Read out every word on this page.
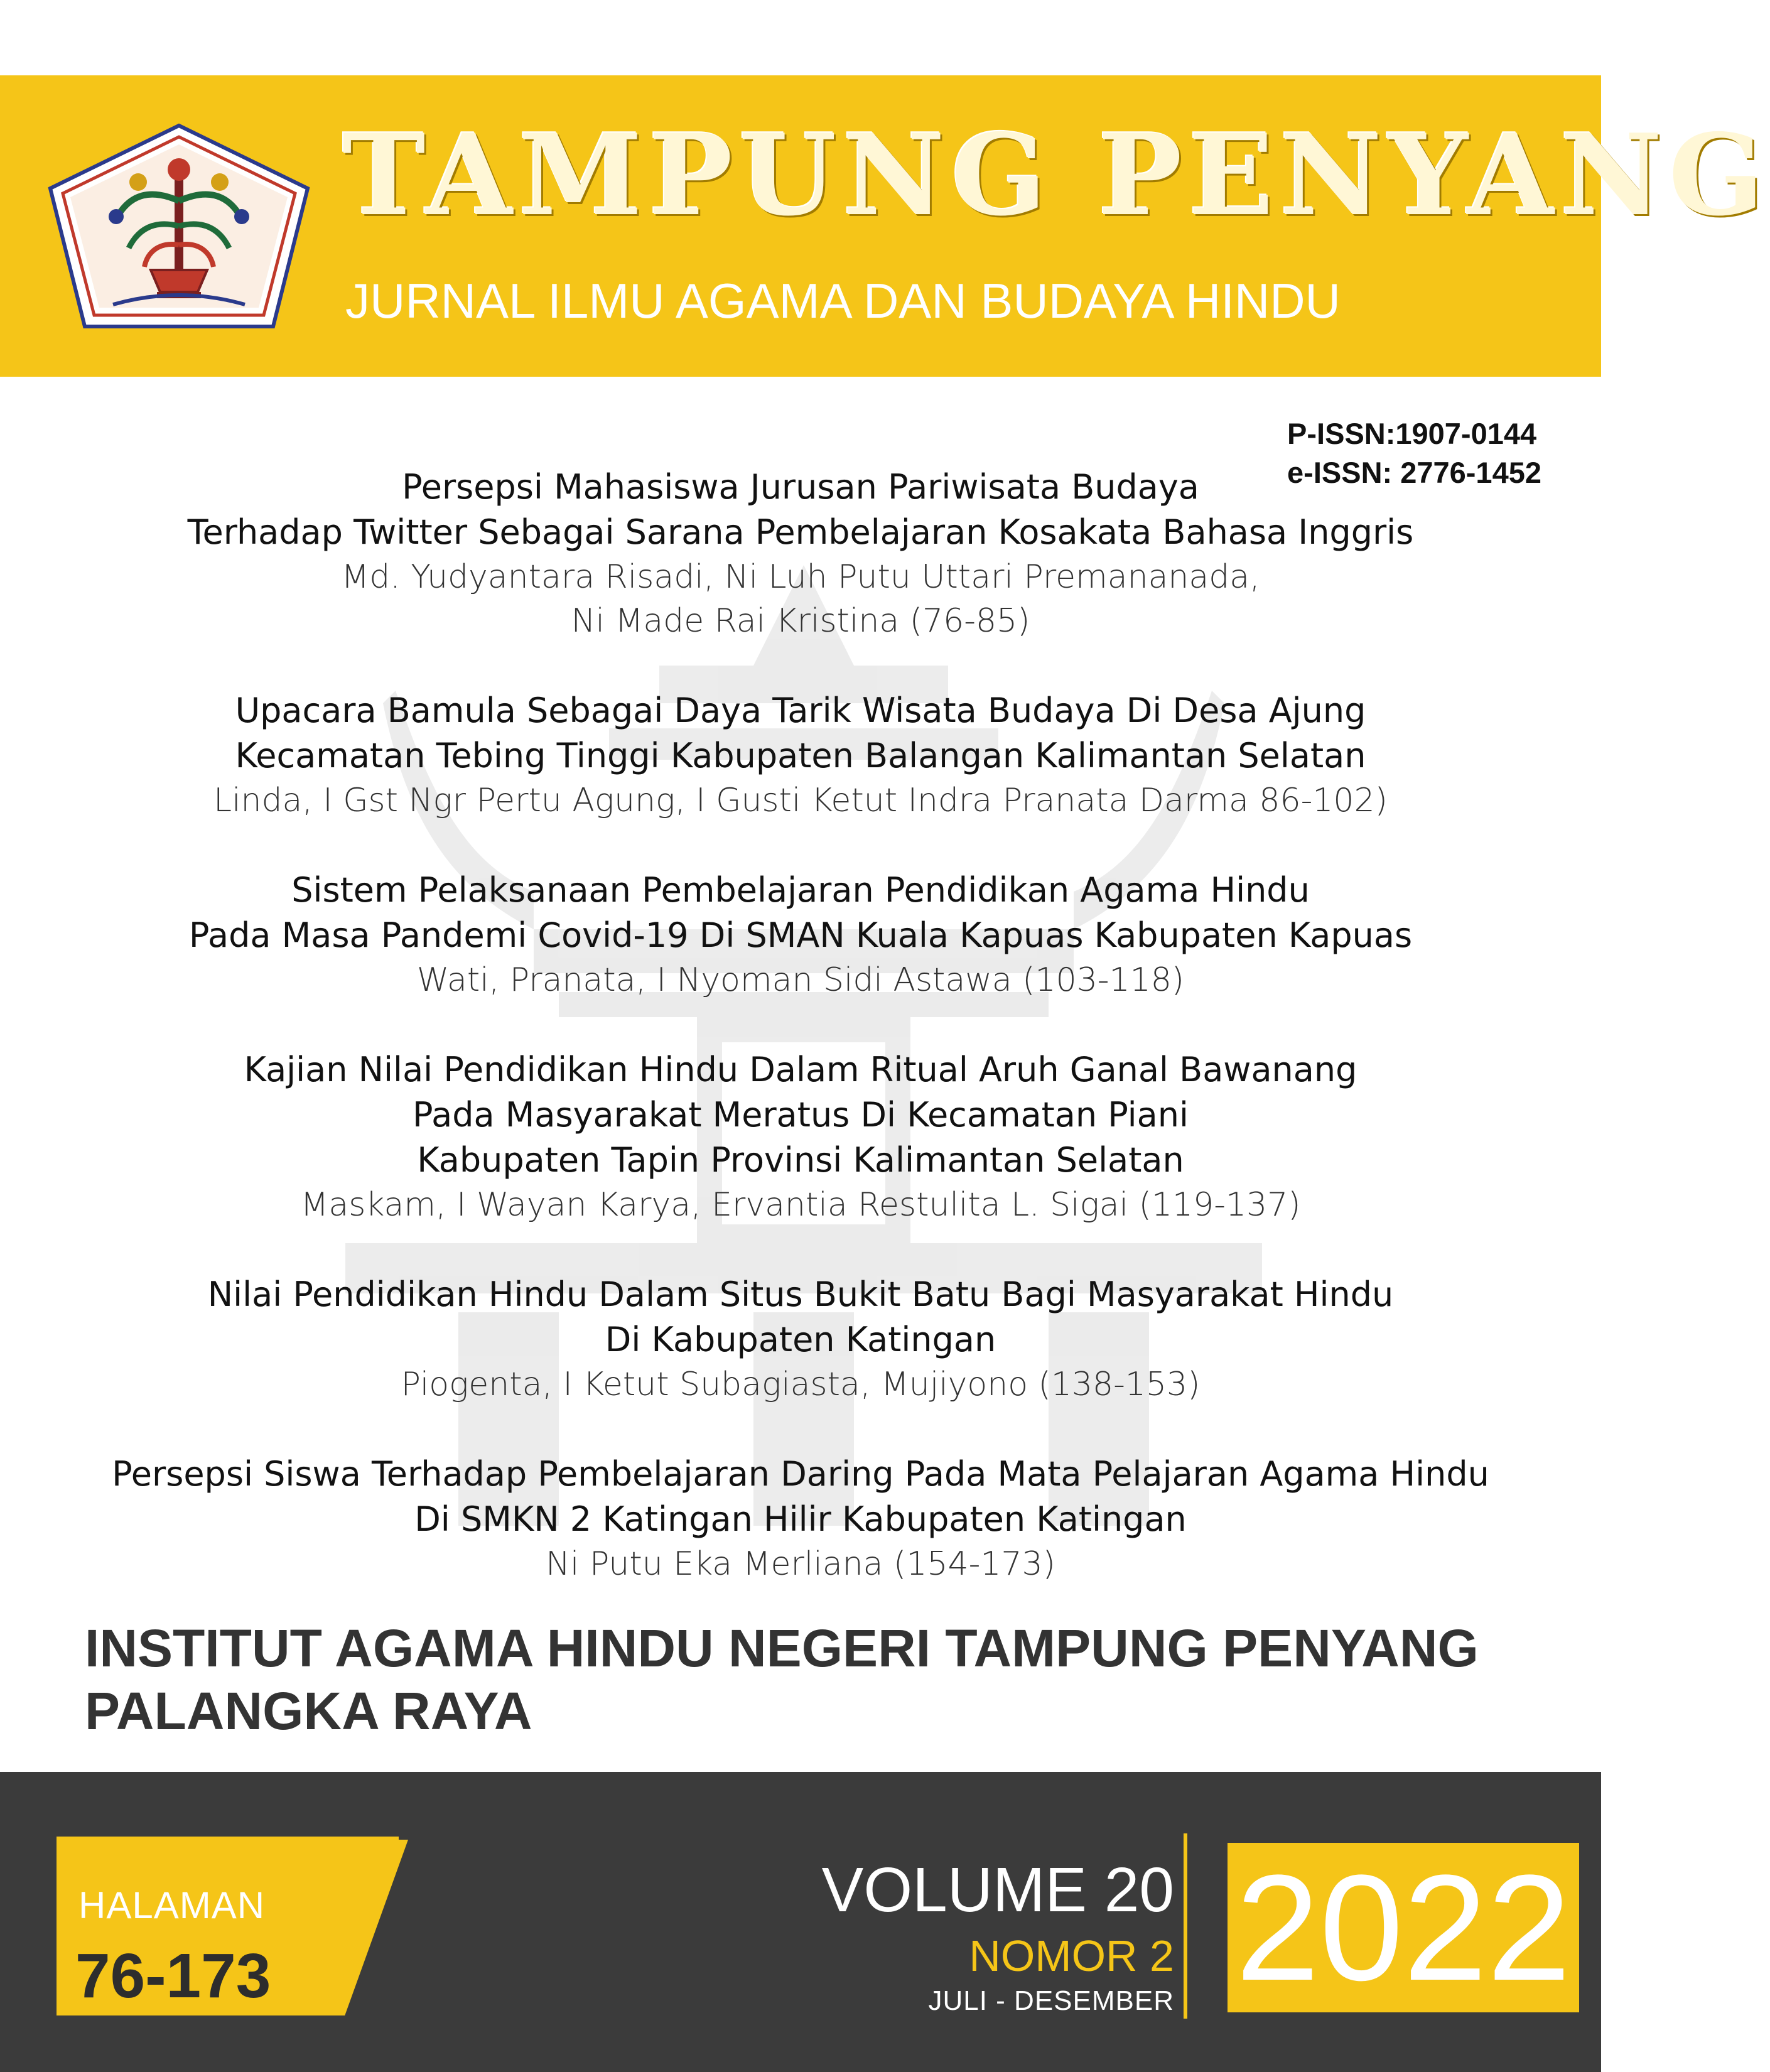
TAMPUNG PENYANG
JURNAL ILMU AGAMA DAN BUDAYA HINDU
P-ISSN:1907-0144
e-ISSN: 2776-1452
Persepsi Mahasiswa Jurusan Pariwisata Budaya
Terhadap Twitter Sebagai Sarana Pembelajaran Kosakata Bahasa Inggris
Md. Yudyantara Risadi, Ni Luh Putu Uttari Premananada,
Ni Made Rai Kristina (76-85)
Upacara Bamula Sebagai Daya Tarik Wisata Budaya Di Desa Ajung
Kecamatan Tebing Tinggi Kabupaten Balangan Kalimantan Selatan
Linda, I Gst Ngr Pertu Agung, I Gusti Ketut Indra Pranata Darma 86-102)
Sistem Pelaksanaan Pembelajaran Pendidikan Agama Hindu
Pada Masa Pandemi Covid-19 Di SMAN Kuala Kapuas Kabupaten Kapuas
Wati, Pranata, I Nyoman Sidi Astawa (103-118)
Kajian Nilai Pendidikan Hindu Dalam Ritual Aruh Ganal Bawanang
Pada Masyarakat Meratus Di Kecamatan Piani
Kabupaten Tapin Provinsi Kalimantan Selatan
Maskam, I Wayan Karya, Ervantia Restulita L. Sigai (119-137)
Nilai Pendidikan Hindu Dalam Situs Bukit Batu Bagi Masyarakat Hindu
Di Kabupaten Katingan
Piogenta, I Ketut Subagiasta, Mujiyono (138-153)
Persepsi Siswa Terhadap Pembelajaran Daring Pada Mata Pelajaran Agama Hindu
Di SMKN 2 Katingan Hilir Kabupaten Katingan
Ni Putu Eka Merliana (154-173)
INSTITUT AGAMA HINDU NEGERI TAMPUNG PENYANG
PALANGKA RAYA
HALAMAN
76-173
VOLUME 20
NOMOR 2
JULI - DESEMBER 2022
